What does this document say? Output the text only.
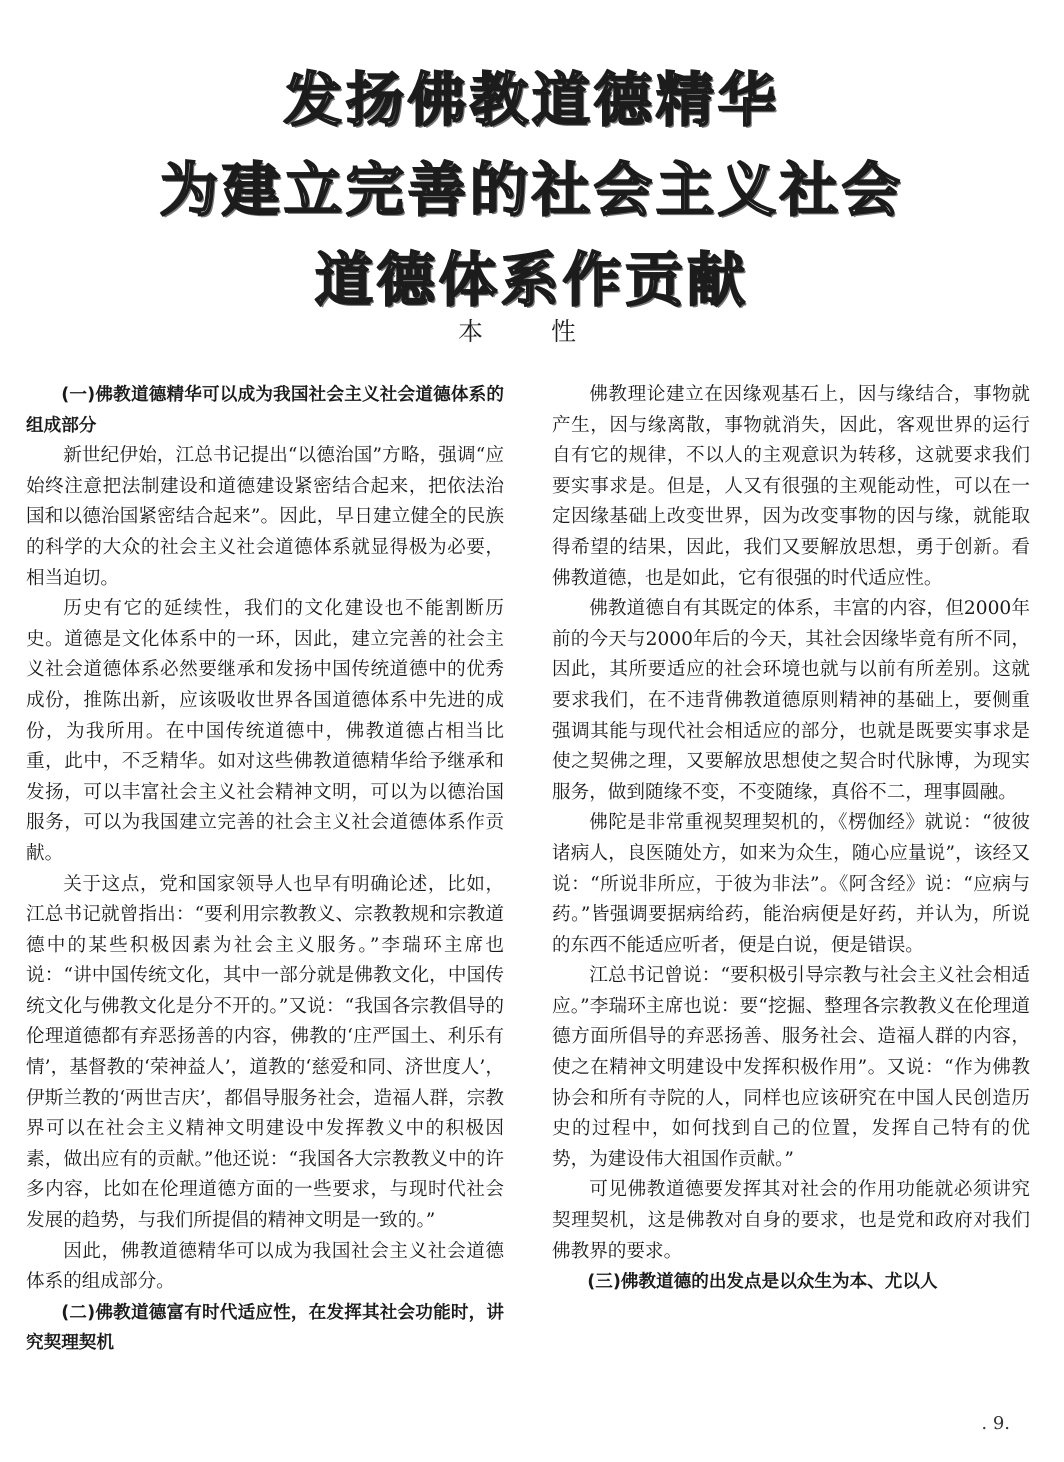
发扬佛教道德精华
为建立完善的社会主义社会
道德体系作贡献
本 性

(一)佛教道德精华可以成为我国社会主义社会道德体系的组成部分

新世纪伊始，江总书记提出“以德治国”方略，强调“应始终注意把法制建设和道德建设紧密结合起来，把依法治国和以德治国紧密结合起来”。因此，早日建立健全的民族的科学的大众的社会主义社会道德体系就显得极为必要，相当迫切。

历史有它的延续性，我们的文化建设也不能割断历史。道德是文化体系中的一环，因此，建立完善的社会主义社会道德体系必然要继承和发扬中国传统道德中的优秀成份，推陈出新，应该吸收世界各国道德体系中先进的成份，为我所用。在中国传统道德中，佛教道德占相当比重，此中，不乏精华。如对这些佛教道德精华给予继承和发扬，可以丰富社会主义社会精神文明，可以为以德治国服务，可以为我国建立完善的社会主义社会道德体系作贡献。

关于这点，党和国家领导人也早有明确论述，比如，江总书记就曾指出：“要利用宗教教义、宗教教规和宗教道德中的某些积极因素为社会主义服务。”李瑞环主席也说：“讲中国传统文化，其中一部分就是佛教文化，中国传统文化与佛教文化是分不开的。”又说：“我国各宗教倡导的伦理道德都有弃恶扬善的内容，佛教的‘庄严国土、利乐有情’，基督教的‘荣神益人’，道教的‘慈爱和同、济世度人’，伊斯兰教的‘两世吉庆’，都倡导服务社会，造福人群，宗教界可以在社会主义精神文明建设中发挥教义中的积极因素，做出应有的贡献。”他还说：“我国各大宗教教义中的许多内容，比如在伦理道德方面的一些要求，与现时代社会发展的趋势，与我们所提倡的精神文明是一致的。”

因此，佛教道德精华可以成为我国社会主义社会道德体系的组成部分。

(二)佛教道德富有时代适应性，在发挥其社会功能时，讲究契理契机

佛教理论建立在因缘观基石上，因与缘结合，事物就产生，因与缘离散，事物就消失，因此，客观世界的运行自有它的规律，不以人的主观意识为转移，这就要求我们要实事求是。但是，人又有很强的主观能动性，可以在一定因缘基础上改变世界，因为改变事物的因与缘，就能取得希望的结果，因此，我们又要解放思想，勇于创新。看佛教道德，也是如此，它有很强的时代适应性。

佛教道德自有其既定的体系，丰富的内容，但2000年前的今天与2000年后的今天，其社会因缘毕竟有所不同，因此，其所要适应的社会环境也就与以前有所差别。这就要求我们，在不违背佛教道德原则精神的基础上，要侧重强调其能与现代社会相适应的部分，也就是既要实事求是使之契佛之理，又要解放思想使之契合时代脉博，为现实服务，做到随缘不变，不变随缘，真俗不二，理事圆融。

佛陀是非常重视契理契机的，《楞伽经》就说：“彼彼诸病人，良医随处方，如来为众生，随心应量说”，该经又说：“所说非所应，于彼为非法”。《阿含经》说：“应病与药。”皆强调要据病给药，能治病便是好药，并认为，所说的东西不能适应听者，便是白说，便是错误。

江总书记曾说：“要积极引导宗教与社会主义社会相适应。”李瑞环主席也说：要“挖掘、整理各宗教教义在伦理道德方面所倡导的弃恶扬善、服务社会、造福人群的内容，使之在精神文明建设中发挥积极作用”。又说：“作为佛教协会和所有寺院的人，同样也应该研究在中国人民创造历史的过程中，如何找到自己的位置，发挥自己特有的优势，为建设伟大祖国作贡献。”

可见佛教道德要发挥其对社会的作用功能就必须讲究契理契机，这是佛教对自身的要求，也是党和政府对我们佛教界的要求。

(三)佛教道德的出发点是以众生为本、尤以人

. 9.
